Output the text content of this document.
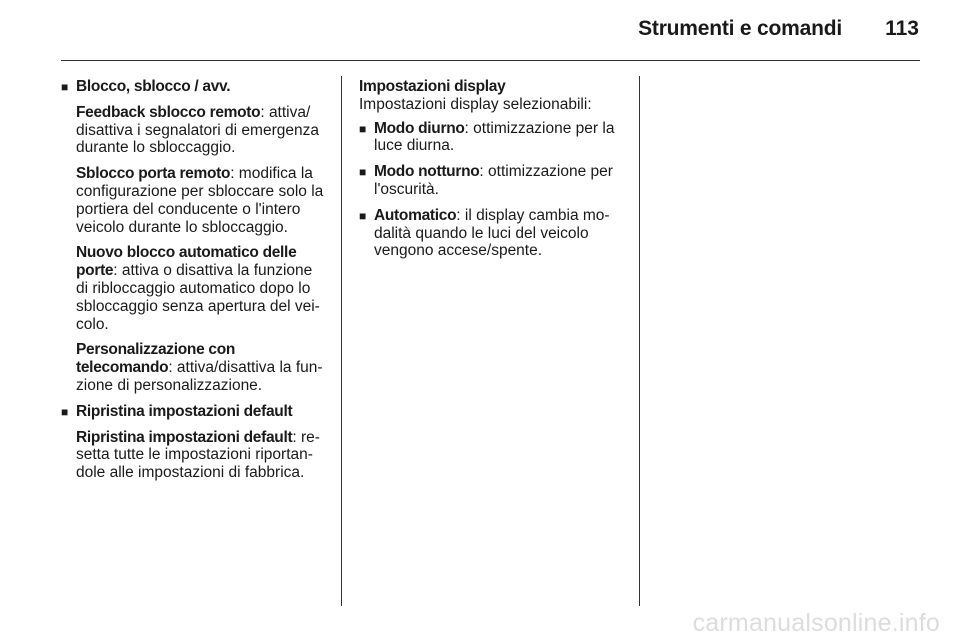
Strumenti e comandi 113
■ Blocco, sblocco / avv.
Feedback sblocco remoto: attiva/ disattiva i segnalatori di emergenza durante lo sbloccaggio.
Sblocco porta remoto: modifica la configurazione per sbloccare solo la portiera del conducente o l'intero veicolo durante lo sbloccaggio.
Nuovo blocco automatico delle porte: attiva o disattiva la funzione di ribloccaggio automatico dopo lo sbloccaggio senza apertura del vei- colo.
Personalizzazione con telecomando: attiva/disattiva la fun- zione di personalizzazione.
■ Ripristina impostazioni default
Ripristina impostazioni default: re- setta tutte le impostazioni riportan- dole alle impostazioni di fabbrica.
Impostazioni display
Impostazioni display selezionabili:
■ Modo diurno: ottimizzazione per la luce diurna.
■ Modo notturno: ottimizzazione per l'oscurità.
■ Automatico: il display cambia mo- dalità quando le luci del veicolo vengono accese/spente.
carmanualsonline.info
